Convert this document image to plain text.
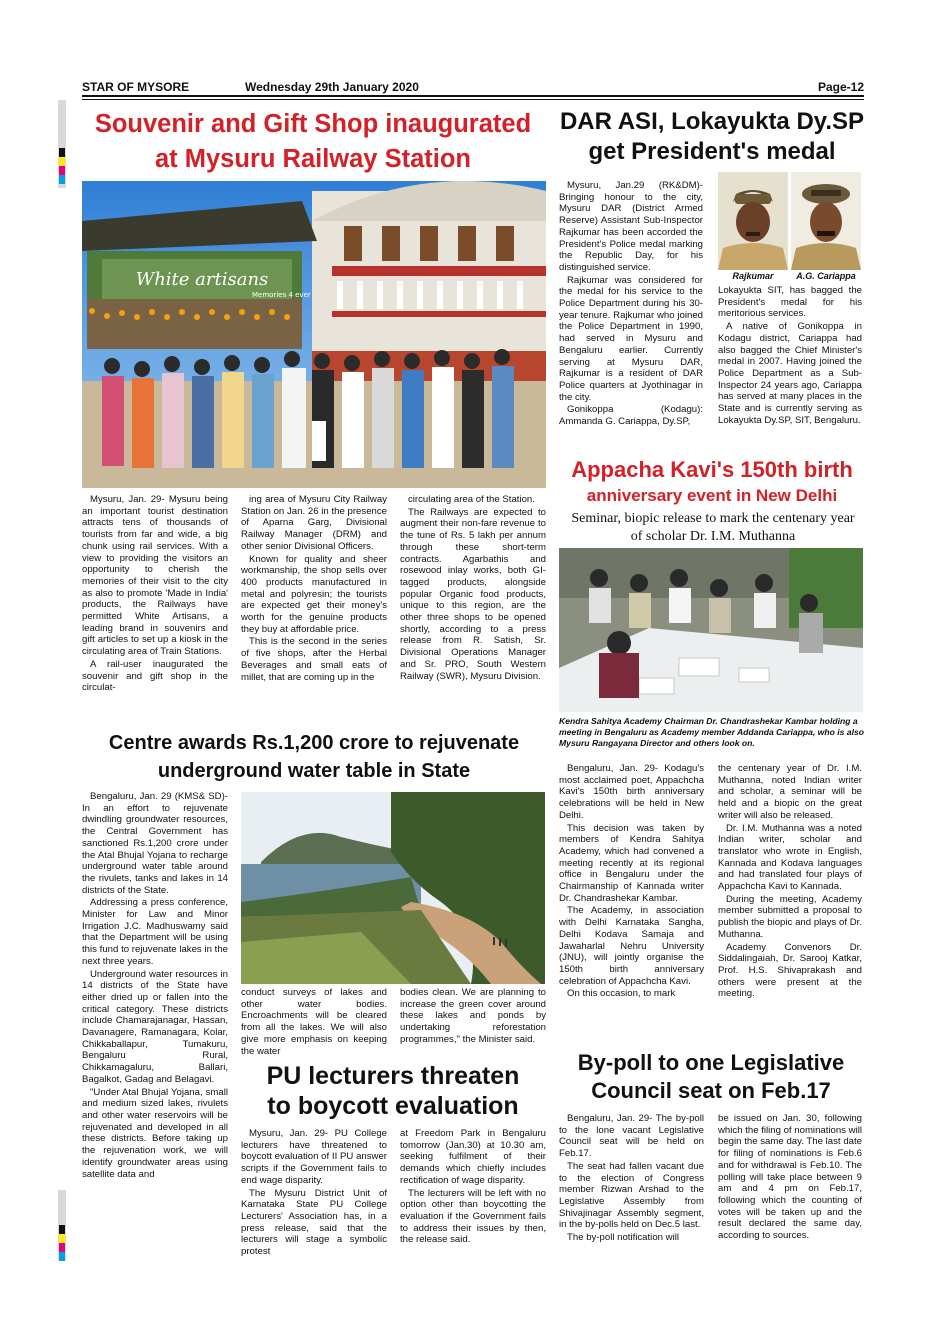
STAR OF MYSORE	Wednesday 29th January 2020	Page-12
Souvenir and Gift Shop inaugurated
at Mysuru Railway Station
White artisans
Memories 4 ever

Mysuru, Jan. 29- Mysuru being an important tourist destination attracts tens of thousands of tourists from far and wide, a big chunk using rail services. With a view to providing the visitors an opportunity to cherish the memories of their visit to the city as also to promote 'Made in India' products, the Railways have permitted White Artisans, a leading brand in souvenirs and gift articles to set up a kiosk in the circulating area of Train Stations.

A rail-user inaugurated the souvenir and gift shop in the circulat-

ing area of Mysuru City Railway Station on Jan. 26 in the presence of Aparna Garg, Divisional Railway Manager (DRM) and other senior Divisional Officers.

Known for quality and sheer workmanship, the shop sells over 400 products manufactured in metal and polyresin; the tourists are expected get their money's worth for the genuine products they buy at affordable price.

This is the second in the series of five shops, after the Herbal Beverages and small eats of millet, that are coming up in the

circulating area of the Station.

The Railways are expected to augment their non-fare revenue to the tune of Rs. 5 lakh per annum through these short-term contracts. Agarbathis and rosewood inlay works, both GI-tagged products, alongside popular Organic food products, unique to this region, are the other three shops to be opened shortly, according to a press release from R. Satish, Sr. Divisional Operations Manager and Sr. PRO, South Western Railway (SWR), Mysuru Division.

DAR ASI, Lokayukta Dy.SP
get President's medal

Mysuru, Jan.29 (RK&DM)- Bringing honour to the city, Mysuru DAR (District Armed Reserve) Assistant Sub-Inspector Rajkumar has been accorded the President's Police medal marking the Republic Day, for his distinguished service.

Rajkumar was considered for the medal for his service to the Police Department during his 30-year tenure. Rajkumar who joined the Police Department in 1990, had served in Mysuru and Bengaluru earlier. Currently serving at Mysuru DAR, Rajkumar is a resident of DAR Police quarters at Jyothinagar in the city.

Gonikoppa (Kodagu): Ammanda G. Cariappa, Dy.SP,

Rajkumar	A.G. Cariappa

Lokayukta SIT, has bagged the President's medal for his meritorious services.

A native of Gonikoppa in Kodagu district, Cariappa had also bagged the Chief Minister's medal in 2007. Having joined the Police Department as a Sub-Inspector 24 years ago, Cariappa has served at many places in the State and is currently serving as Lokayukta Dy.SP, SIT, Bengaluru.

Appacha Kavi's 150th birth
anniversary event in New Delhi
Seminar, biopic release to mark the centenary year of scholar Dr. I.M. Muthanna
Kendra Sahitya Academy Chairman Dr. Chandrashekar Kambar holding a meeting in Bengaluru as Academy member Addanda Cariappa, who is also Mysuru Rangayana Director and others look on.

Bengaluru, Jan. 29- Kodagu's most acclaimed poet, Appachcha Kavi's 150th birth anniversary celebrations will be held in New Delhi.

This decision was taken by members of Kendra Sahitya Academy, which had convened a meeting recently at its regional office in Bengaluru under the Chairmanship of Kannada writer Dr. Chandrashekar Kambar.

The Academy, in association with Delhi Karnataka Sangha, Delhi Kodava Samaja and Jawaharlal Nehru University (JNU), will jointly organise the 150th birth anniversary celebration of Appachcha Kavi.

On this occasion, to mark

the centenary year of Dr. I.M. Muthanna, noted Indian writer and scholar, a seminar will be held and a biopic on the great writer will also be released.

Dr. I.M. Muthanna was a noted Indian writer, scholar and translator who wrote in English, Kannada and Kodava languages and had translated four plays of Appachcha Kavi to Kannada.

During the meeting, Academy member submitted a proposal to publish the biopic and plays of Dr. Muthanna.

Academy Convenors Dr. Siddalingaiah, Dr. Sarooj Katkar, Prof. H.S. Shivaprakash and others were present at the meeting.

Centre awards Rs.1,200 crore to rejuvenate
underground water table in State

Bengaluru, Jan. 29 (KMS& SD)- In an effort to rejuvenate dwindling groundwater resources, the Central Government has sanctioned Rs.1,200 crore under the Atal Bhujal Yojana to recharge underground water table around the rivulets, tanks and lakes in 14 districts of the State.

Addressing a press conference, Minister for Law and Minor Irrigation J.C. Madhuswamy said that the Department will be using this fund to rejuvenate lakes in the next three years.

Underground water resources in 14 districts of the State have either dried up or fallen into the critical category. These districts include Chamarajanagar, Hassan, Davanagere, Ramanagara, Kolar, Chikkaballapur, Tumakuru, Bengaluru Rural, Chikkamagaluru, Ballari, Bagalkot, Gadag and Belagavi.

"Under Atal Bhujal Yojana, small and medium sized lakes, rivulets and other water reservoirs will be rejuvenated and developed in all these districts. Before taking up the rejuvenation work, we will identify groundwater areas using satellite data and

conduct surveys of lakes and other water bodies. Encroachments will be cleared from all the lakes. We will also give more emphasis on keeping the water

bodies clean. We are planning to increase the green cover around these lakes and ponds by undertaking reforestation programmes," the Minister said.

PU lecturers threaten
to boycott evaluation

Mysuru, Jan. 29- PU College lecturers have threatened to boycott evaluation of II PU answer scripts if the Government fails to end wage disparity.

The Mysuru District Unit of Karnataka State PU College Lecturers' Association has, in a press release, said that the lecturers will stage a symbolic protest

at Freedom Park in Bengaluru tomorrow (Jan.30) at 10.30 am, seeking fulfilment of their demands which chiefly includes rectification of wage disparity.

The lecturers will be left with no option other than boycotting the evaluation if the Government fails to address their issues by then, the release said.

By-poll to one Legislative
Council seat on Feb.17

Bengaluru, Jan. 29- The by-poll to the lone vacant Legislative Council seat will be held on Feb.17.

The seat had fallen vacant due to the election of Congress member Rizwan Arshad to the Legislative Assembly from Shivajinagar Assembly segment, in the by-polls held on Dec.5 last.

The by-poll notification will

be issued on Jan. 30, following which the filing of nominations will begin the same day. The last date for filing of nominations is Feb.6 and for withdrawal is Feb.10. The polling will take place between 9 am and 4 pm on Feb.17, following which the counting of votes will be taken up and the result declared the same day, according to sources.
